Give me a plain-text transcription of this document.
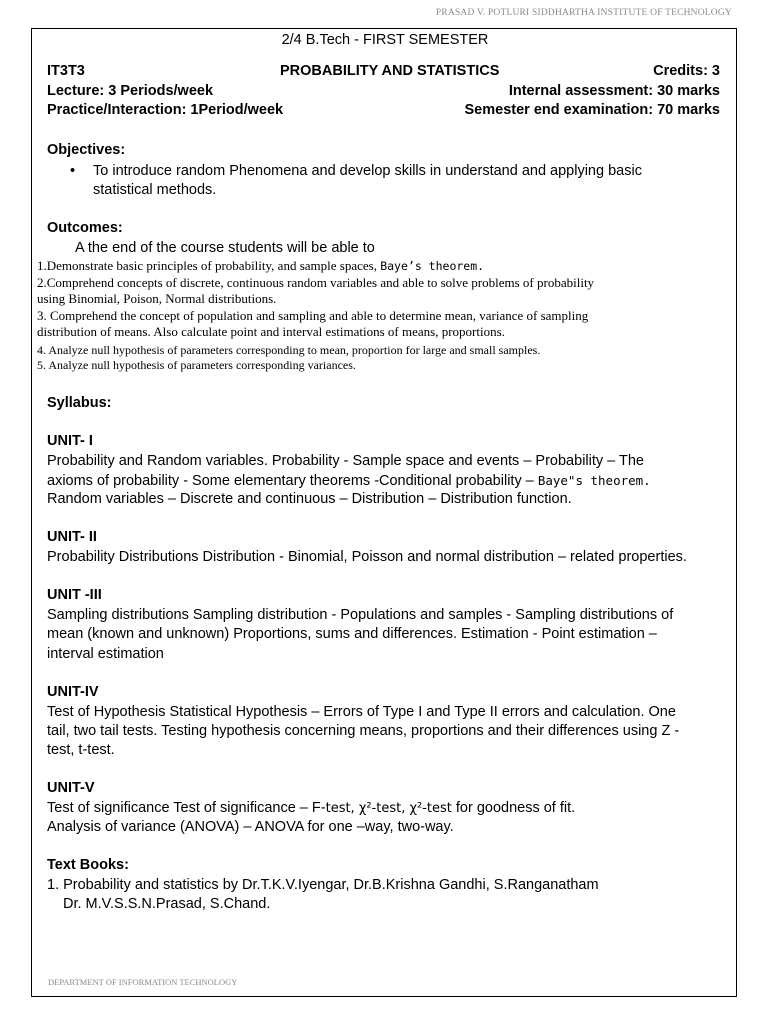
PRASAD V. POTLURI SIDDHARTHA INSTITUTE OF TECHNOLOGY
2/4 B.Tech - FIRST SEMESTER
IT3T3	PROBABILITY AND STATISTICS	Credits: 3
Lecture: 3 Periods/week	Internal assessment: 30 marks
Practice/Interaction: 1Period/week	Semester end examination: 70 marks
Objectives:
• To introduce random Phenomena and develop skills in understand and applying basic
statistical methods.
Outcomes:
A the end of the course students will be able to
1.Demonstrate basic principles of probability, and sample spaces, Baye’s theorem.
2.Comprehend concepts of discrete, continuous random variables and able to solve problems of probability
using Binomial, Poison, Normal distributions.
3. Comprehend the concept of population and sampling and able to determine mean, variance of sampling
distribution of means. Also calculate point and interval estimations of means, proportions.
4. Analyze null hypothesis of parameters corresponding to mean, proportion for large and small samples.
5. Analyze null hypothesis of parameters corresponding variances.
Syllabus:
UNIT- I
Probability and Random variables. Probability - Sample space and events – Probability – The
axioms of probability - Some elementary theorems -Conditional probability – Baye"s theorem.
Random variables – Discrete and continuous – Distribution – Distribution function.
UNIT- II
Probability Distributions Distribution - Binomial, Poisson and normal distribution – related properties.
UNIT -III
Sampling distributions Sampling distribution - Populations and samples - Sampling distributions of
mean (known and unknown) Proportions, sums and differences. Estimation - Point estimation –
interval estimation
UNIT-IV
Test of Hypothesis Statistical Hypothesis – Errors of Type I and Type II errors and calculation. One
tail, two tail tests. Testing hypothesis concerning means, proportions and their differences using Z -
test, t-test.
UNIT-V
Test of significance Test of significance – F-test, χ²-test, χ²-test for goodness of fit.
Analysis of variance (ANOVA) – ANOVA for one –way, two-way.
Text Books:
1. Probability and statistics by Dr.T.K.V.Iyengar, Dr.B.Krishna Gandhi, S.Ranganatham
Dr. M.V.S.S.N.Prasad, S.Chand.
DEPARTMENT OF INFORMATION TECHNOLOGY
